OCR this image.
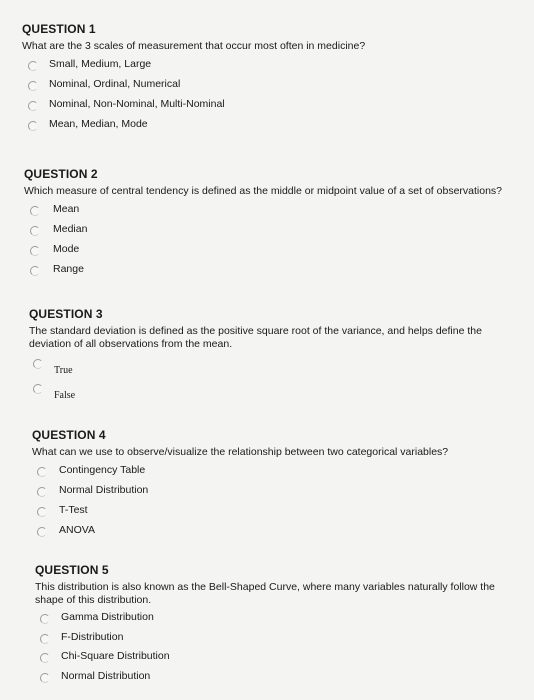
QUESTION 1
What are the 3 scales of measurement that occur most often in medicine?
Small, Medium, Large
Nominal, Ordinal, Numerical
Nominal, Non-Nominal, Multi-Nominal
Mean, Median, Mode
QUESTION 2
Which measure of central tendency is defined as the middle or midpoint value of a set of observations?
Mean
Median
Mode
Range
QUESTION 3
The standard deviation is defined as the positive square root of the variance, and helps define the deviation of all observations from the mean.
True
False
QUESTION 4
What can we use to observe/visualize the relationship between two categorical variables?
Contingency Table
Normal Distribution
T-Test
ANOVA
QUESTION 5
This distribution is also known as the Bell-Shaped Curve, where many variables naturally follow the shape of this distribution.
Gamma Distribution
F-Distribution
Chi-Square Distribution
Normal Distribution
